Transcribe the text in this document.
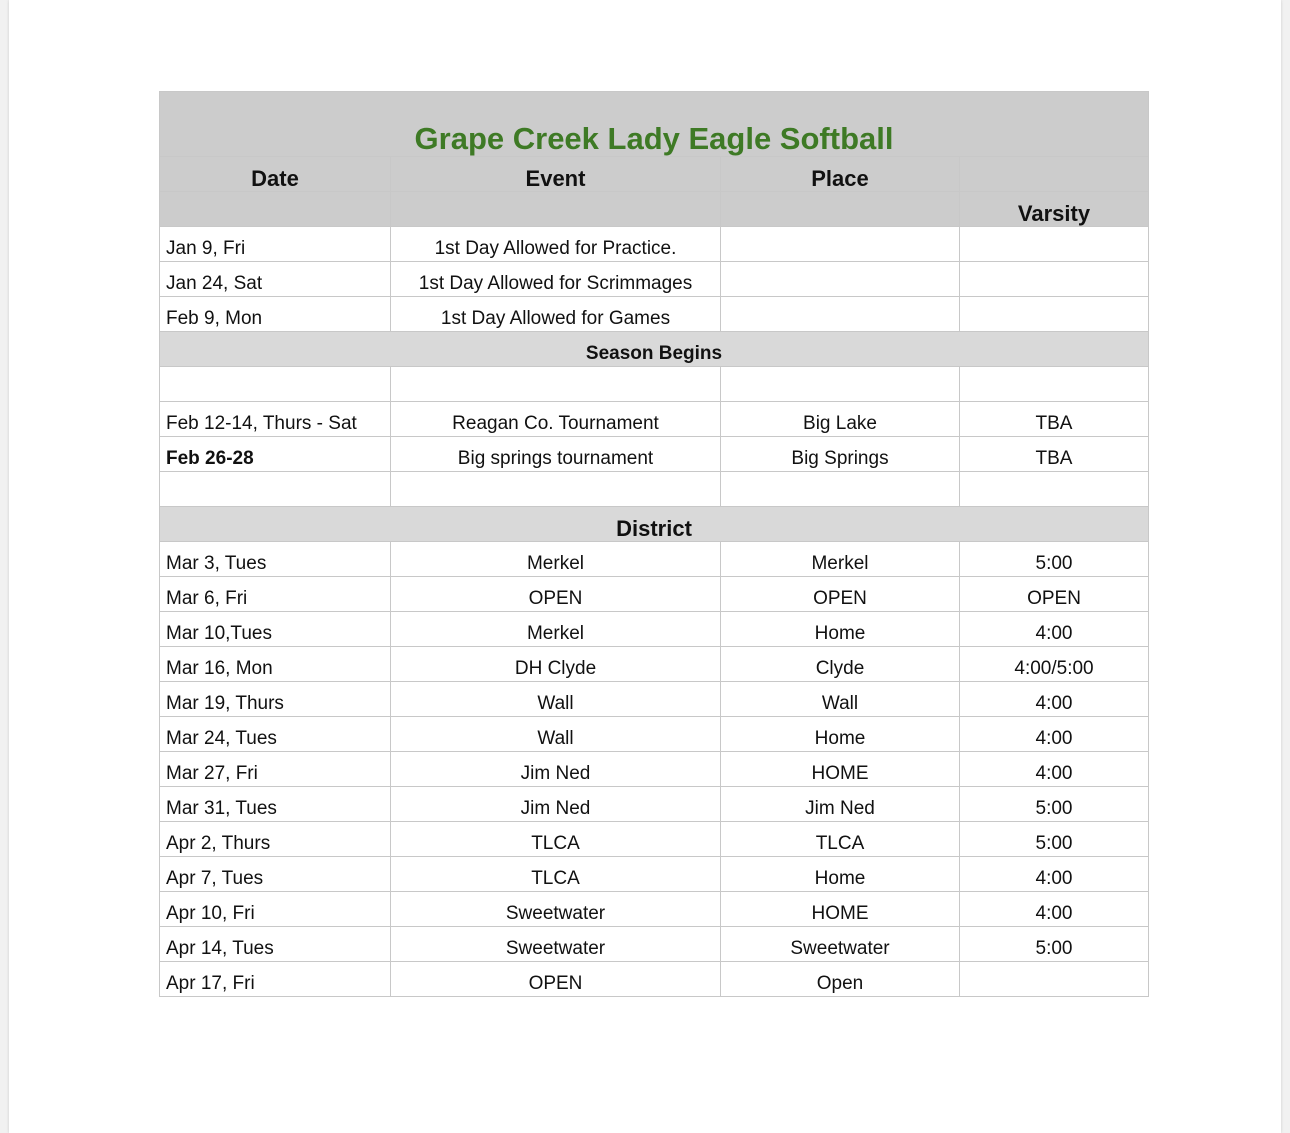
Grape Creek Lady Eagle Softball			
Date	Event	Place	
			Varsity
Jan 9, Fri	1st Day Allowed for Practice.		
Jan 24, Sat	1st Day Allowed for Scrimmages		
Feb 9, Mon	1st Day Allowed for Games		
Season Begins			

Feb 12-14, Thurs - Sat	Reagan Co. Tournament	Big Lake	TBA
Feb 26-28	Big springs tournament	Big Springs	TBA

District			
Mar 3, Tues	Merkel	Merkel	5:00
Mar 6, Fri	OPEN	OPEN	OPEN
Mar 10,Tues	Merkel	Home	4:00
Mar 16, Mon	DH Clyde	Clyde	4:00/5:00
Mar 19, Thurs	Wall	Wall	4:00
Mar 24, Tues	Wall	Home	4:00
Mar 27, Fri	Jim Ned	HOME	4:00
Mar 31, Tues	Jim Ned	Jim Ned	5:00
Apr 2, Thurs	TLCA	TLCA	5:00
Apr 7, Tues	TLCA	Home	4:00
Apr 10, Fri	Sweetwater	HOME	4:00
Apr 14, Tues	Sweetwater	Sweetwater	5:00
Apr 17, Fri	OPEN	Open	
